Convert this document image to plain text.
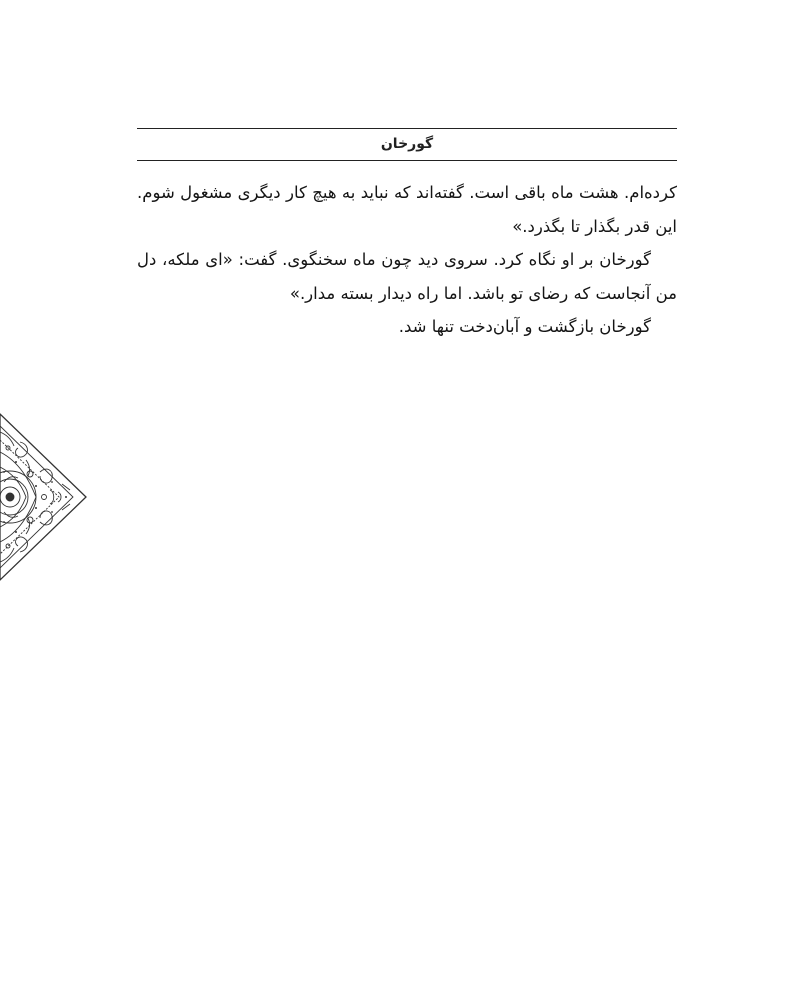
گورخان

کرده‌ام. هشت ماه باقی است. گفته‌اند که نباید به هیچ کار دیگری مشغول شوم. این قدر بگذار تا بگذرد.»

گورخان بر او نگاه کرد. سروی دید چون ماه سخنگوی. گفت: «ای ملکه، دل من آنجاست که رضای تو باشد. اما راه دیدار بسته مدار.»

گورخان بازگشت و آبان‌دخت تنها شد.
